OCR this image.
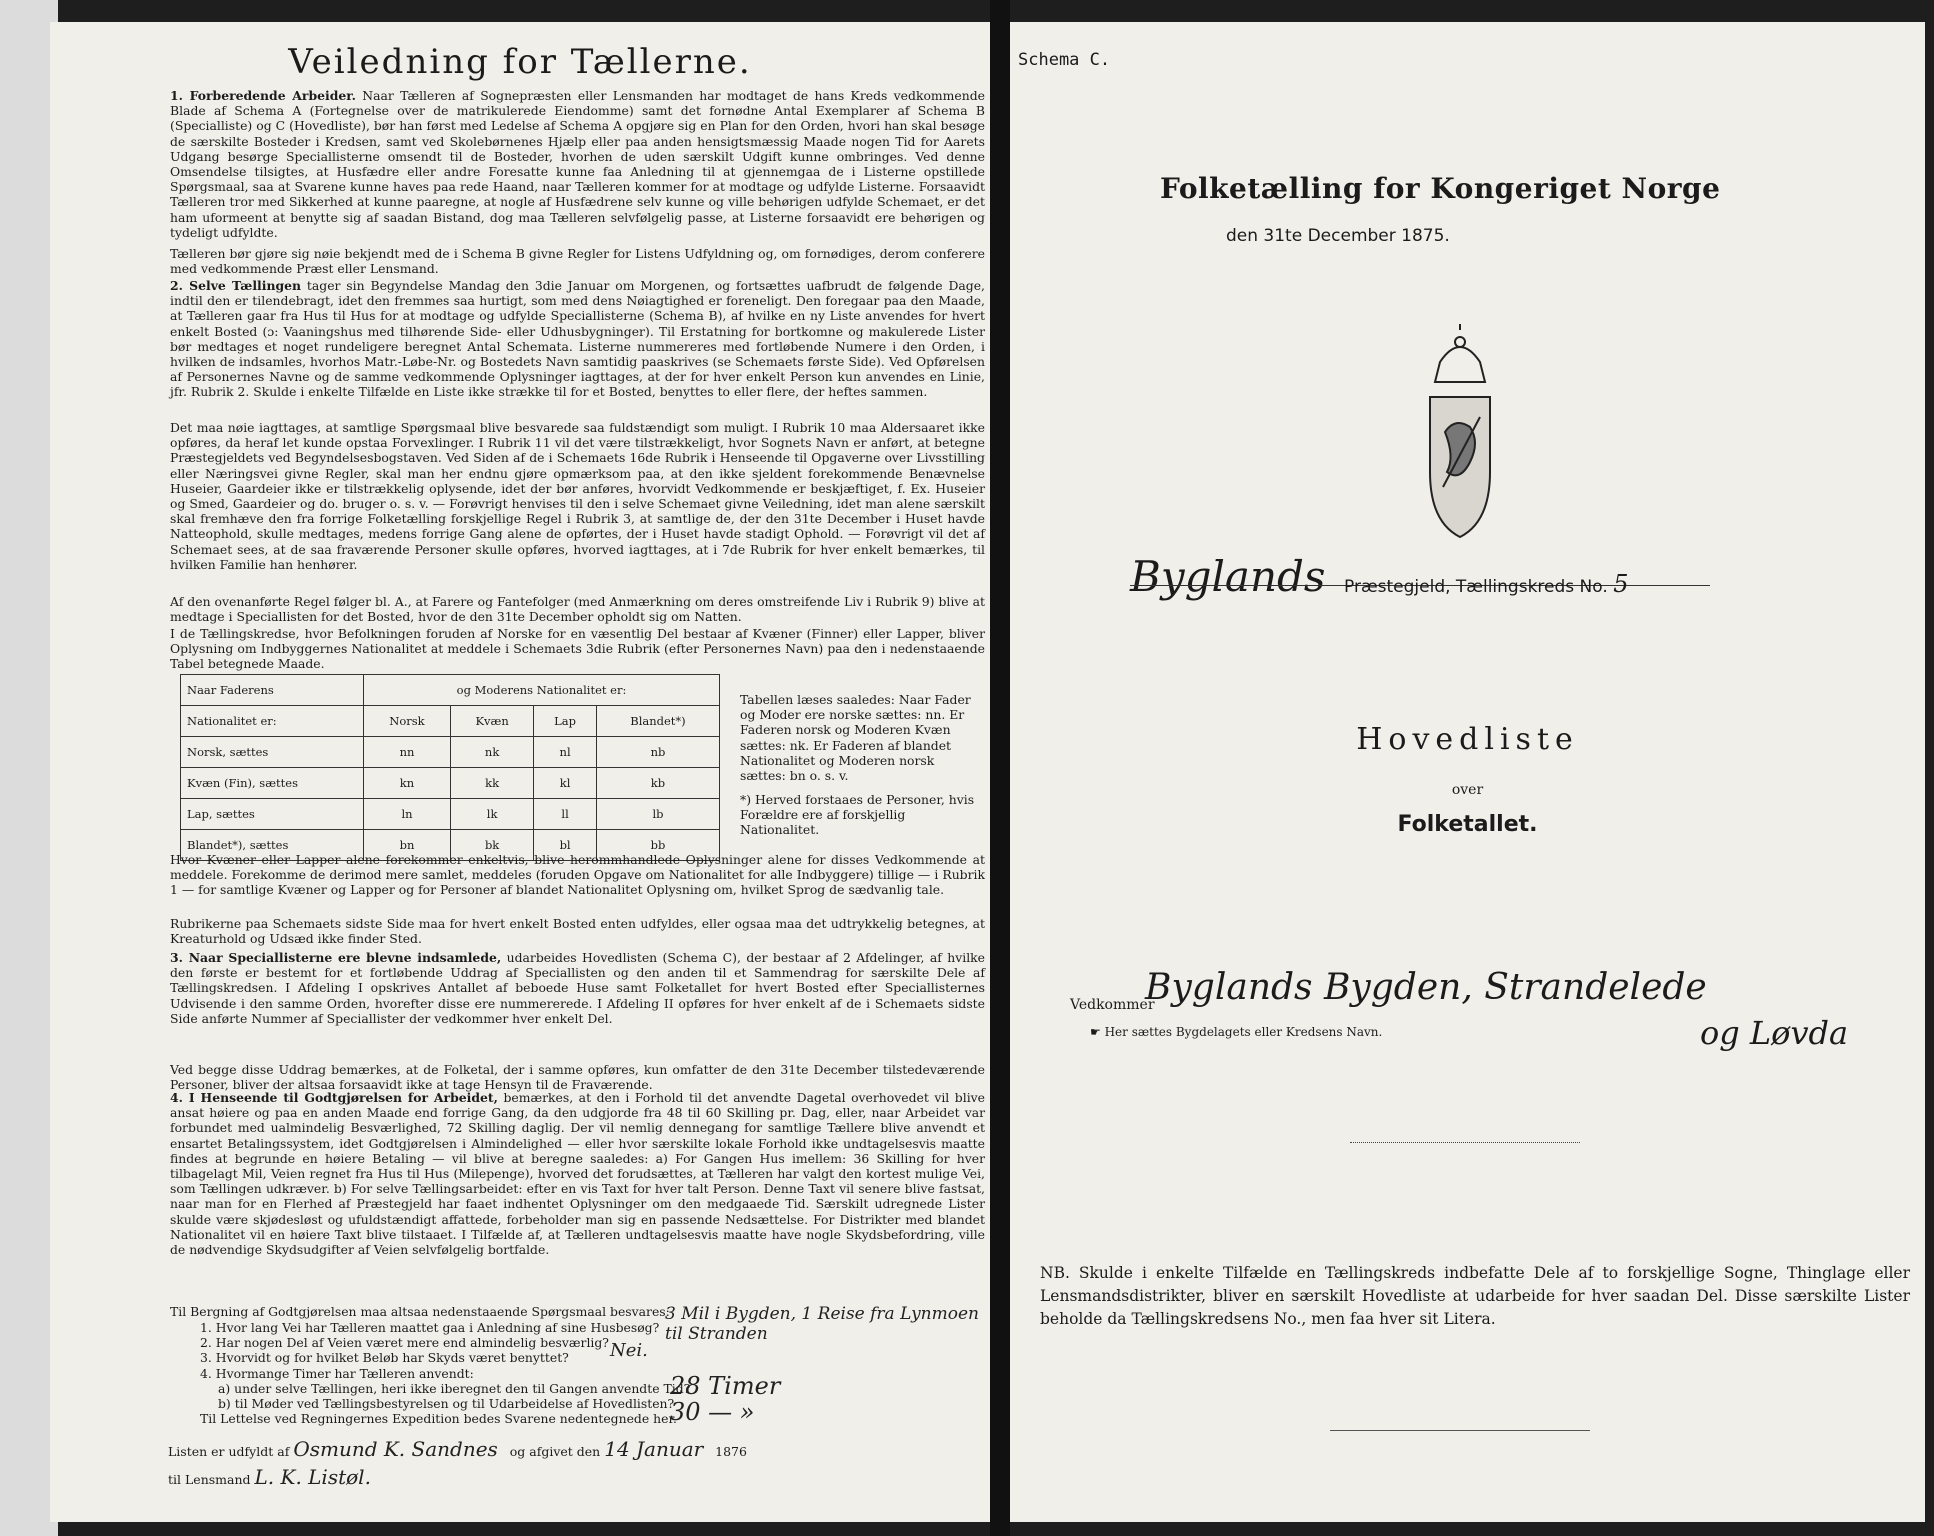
Veiledning for Tællerne.
1. Forberedende Arbeider. Naar Tælleren af Sognepræsten eller Lensmanden har modtaget de hans Kreds vedkommende Blade af Schema A (Fortegnelse over de matrikulerede Eiendomme) samt det fornødne Antal Exemplarer af Schema B (Specialliste) og C (Hovedliste), bør han først med Ledelse af Schema A opgjøre sig en Plan for den Orden, hvori han skal besøge de særskilte Bosteder i Kredsen, samt ved Skolebørnenes Hjælp eller paa anden hensigtsmæssig Maade nogen Tid for Aarets Udgang besørge Speciallisterne omsendt til de Bosteder, hvorhen de uden særskilt Udgift kunne ombringes. Ved denne Omsendelse tilsigtes, at Husfædre eller andre Foresatte kunne faa Anledning til at gjennemgaa de i Listerne opstillede Spørgsmaal, saa at Svarene kunne haves paa rede Haand, naar Tælleren kommer for at modtage og udfylde Listerne. Forsaavidt Tælleren tror med Sikkerhed at kunne paaregne, at nogle af Husfædrene selv kunne og ville behørigen udfylde Schemaet, er det ham uformeent at benytte sig af saadan Bistand, dog maa Tælleren selvfølgelig passe, at Listerne forsaavidt ere behørigen og tydeligt udfyldte.
Tælleren bør gjøre sig nøie bekjendt med de i Schema B givne Regler for Listens Udfyldning og, om fornødiges, derom conferere med vedkommende Præst eller Lensmand.
2. Selve Tællingen tager sin Begyndelse Mandag den 3die Januar om Morgenen, og fortsættes uafbrudt de følgende Dage, indtil den er tilendebragt, idet den fremmes saa hurtigt, som med dens Nøiagtighed er foreneligt. Den foregaar paa den Maade, at Tælleren gaar fra Hus til Hus for at modtage og udfylde Speciallisterne (Schema B), af hvilke en ny Liste anvendes for hvert enkelt Bosted (ɔ: Vaaningshus med tilhørende Side- eller Udhusbygninger). Til Erstatning for bortkomne og makulerede Lister bør medtages et noget rundeligere beregnet Antal Schemata. Listerne nummereres med fortløbende Numere i den Orden, i hvilken de indsamles, hvorhos Matr.-Løbe-Nr. og Bostedets Navn samtidig paaskrives (se Schemaets første Side). Ved Opførelsen af Personernes Navne og de samme vedkommende Oplysninger iagttages, at der for hver enkelt Person kun anvendes en Linie, jfr. Rubrik 2. Skulde i enkelte Tilfælde en Liste ikke strække til for et Bosted, benyttes to eller flere, der heftes sammen.
Det maa nøie iagttages, at samtlige Spørgsmaal blive besvarede saa fuldstændigt som muligt. I Rubrik 10 maa Aldersaaret ikke opføres, da heraf let kunde opstaa Forvexlinger. I Rubrik 11 vil det være tilstrækkeligt, hvor Sognets Navn er anført, at betegne Præstegjeldets ved Begyndelsesbogstaven. Ved Siden af de i Schemaets 16de Rubrik i Henseende til Opgaverne over Livsstilling eller Næringsvei givne Regler, skal man her endnu gjøre opmærksom paa, at den ikke sjeldent forekommende Benævnelse Huseier, Gaardeier ikke er tilstrækkelig oplysende, idet der bør anføres, hvorvidt Vedkommende er beskjæftiget, f. Ex. Huseier og Smed, Gaardeier og do. bruger o. s. v. — Forøvrigt henvises til den i selve Schemaet givne Veiledning, idet man alene særskilt skal fremhæve den fra forrige Folketælling forskjellige Regel i Rubrik 3, at samtlige de, der den 31te December i Huset havde Natteophold, skulle medtages, medens forrige Gang alene de opførtes, der i Huset havde stadigt Ophold. — Forøvrigt vil det af Schemaet sees, at de saa fraværende Personer skulle opføres, hvorved iagttages, at i 7de Rubrik for hver enkelt bemærkes, til hvilken Familie han henhører.
Af den ovenanførte Regel følger bl. A., at Farere og Fantefolger (med Anmærkning om deres omstreifende Liv i Rubrik 9) blive at medtage i Speciallisten for det Bosted, hvor de den 31te December opholdt sig om Natten.
I de Tællingskredse, hvor Befolkningen foruden af Norske for en væsentlig Del bestaar af Kvæner (Finner) eller Lapper, bliver Oplysning om Indbyggernes Nationalitet at meddele i Schemaets 3die Rubrik (efter Personernes Navn) paa den i nedenstaaende Tabel betegnede Maade.
Naar Faderens	og Moderens Nationalitet er:			
Nationalitet er:	Norsk	Kvæn	Lap	Blandet*)
Norsk, sættes	nn	nk	nl	nb
Kvæn (Fin), sættes	kn	kk	kl	kb
Lap, sættes	ln	lk	ll	lb
Blandet*), sættes	bn	bk	bl	bb
Tabellen læses saaledes: Naar Fader og Moder ere norske sættes: nn. Er Faderen norsk og Moderen Kvæn sættes: nk. Er Faderen af blandet Nationalitet og Moderen norsk sættes: bn o. s. v.
*) Herved forstaaes de Personer, hvis Forældre ere af forskjellig Nationalitet.
Hvor Kvæner eller Lapper alene forekommer enkeltvis, blive herommhandlede Oplysninger alene for disses Vedkommende at meddele. Forekomme de derimod mere samlet, meddeles (foruden Opgave om Nationalitet for alle Indbyggere) tillige — i Rubrik 1 — for samtlige Kvæner og Lapper og for Personer af blandet Nationalitet Oplysning om, hvilket Sprog de sædvanlig tale.
Rubrikerne paa Schemaets sidste Side maa for hvert enkelt Bosted enten udfyldes, eller ogsaa maa det udtrykkelig betegnes, at Kreaturhold og Udsæd ikke finder Sted.
3. Naar Speciallisterne ere blevne indsamlede, udarbeides Hovedlisten (Schema C), der bestaar af 2 Afdelinger, af hvilke den første er bestemt for et fortløbende Uddrag af Speciallisten og den anden til et Sammendrag for særskilte Dele af Tællingskredsen. I Afdeling I opskrives Antallet af beboede Huse samt Folketallet for hvert Bosted efter Speciallisternes Udvisende i den samme Orden, hvorefter disse ere nummererede. I Afdeling II opføres for hver enkelt af de i Schemaets sidste Side anførte Nummer af Speciallister der vedkommer hver enkelt Del.
Ved begge disse Uddrag bemærkes, at de Folketal, der i samme opføres, kun omfatter de den 31te December tilstedeværende Personer, bliver der altsaa forsaavidt ikke at tage Hensyn til de Fraværende.
4. I Henseende til Godtgjørelsen for Arbeidet, bemærkes, at den i Forhold til det anvendte Dagetal overhovedet vil blive ansat høiere og paa en anden Maade end forrige Gang, da den udgjorde fra 48 til 60 Skilling pr. Dag, eller, naar Arbeidet var forbundet med ualmindelig Besværlighed, 72 Skilling daglig. Der vil nemlig dennegang for samtlige Tællere blive anvendt et ensartet Betalingssystem, idet Godtgjørelsen i Almindelighed — eller hvor særskilte lokale Forhold ikke undtagelsesvis maatte findes at begrunde en høiere Betaling — vil blive at beregne saaledes: a) For Gangen Hus imellem: 36 Skilling for hver tilbagelagt Mil, Veien regnet fra Hus til Hus (Milepenge), hvorved det forudsættes, at Tælleren har valgt den kortest mulige Vei, som Tællingen udkræver. b) For selve Tællingsarbeidet: efter en vis Taxt for hver talt Person. Denne Taxt vil senere blive fastsat, naar man for en Flerhed af Præstegjeld har faaet indhentet Oplysninger om den medgaaede Tid. Særskilt udregnede Lister skulde være skjødesløst og ufuldstændigt affattede, forbeholder man sig en passende Nedsættelse. For Distrikter med blandet Nationalitet vil en høiere Taxt blive tilstaaet. I Tilfælde af, at Tælleren undtagelsesvis maatte have nogle Skydsbefordring, ville de nødvendige Skydsudgifter af Veien selvfølgelig bortfalde.
Til Bergning af Godtgjørelsen maa altsaa nedenstaaende Spørgsmaal besvares:
1. Hvor lang Vei har Tælleren maattet gaa i Anledning af sine Husbesøg?
2. Har nogen Del af Veien været mere end almindelig besværlig?
3. Hvorvidt og for hvilket Beløb har Skyds været benyttet?
4. Hvormange Timer har Tælleren anvendt:
a) under selve Tællingen, heri ikke iberegnet den til Gangen anvendte Tid?
b) til Møder ved Tællingsbestyrelsen og til Udarbeidelse af Hovedlisten?
Til Lettelse ved Regningernes Expedition bedes Svarene nedentegnede her.
3 Mil i Bygden, 1 Reise fra Lynmoen til Stranden
Nei.
28 Timer
30 — »
Listen er udfyldt af Osmund K. Sandnes og afgivet den 14 Januar 1876
til Lensmand L. K. Listøl.
Schema C.
Folketælling for Kongeriget Norge
den 31te December 1875.
Byglands Præstegjeld, Tællingskreds No. 5
Hovedliste
over
Folketallet.
Vedkommer
Byglands Bygden, Strandelede
og Løvda
☛ Her sættes Bygdelagets eller Kredsens Navn.
NB. Skulde i enkelte Tilfælde en Tællingskreds indbefatte Dele af to forskjellige Sogne, Thinglage eller Lensmandsdistrikter, bliver en særskilt Hovedliste at udarbeide for hver saadan Del. Disse særskilte Lister beholde da Tællingskredsens No., men faa hver sit Litera.
